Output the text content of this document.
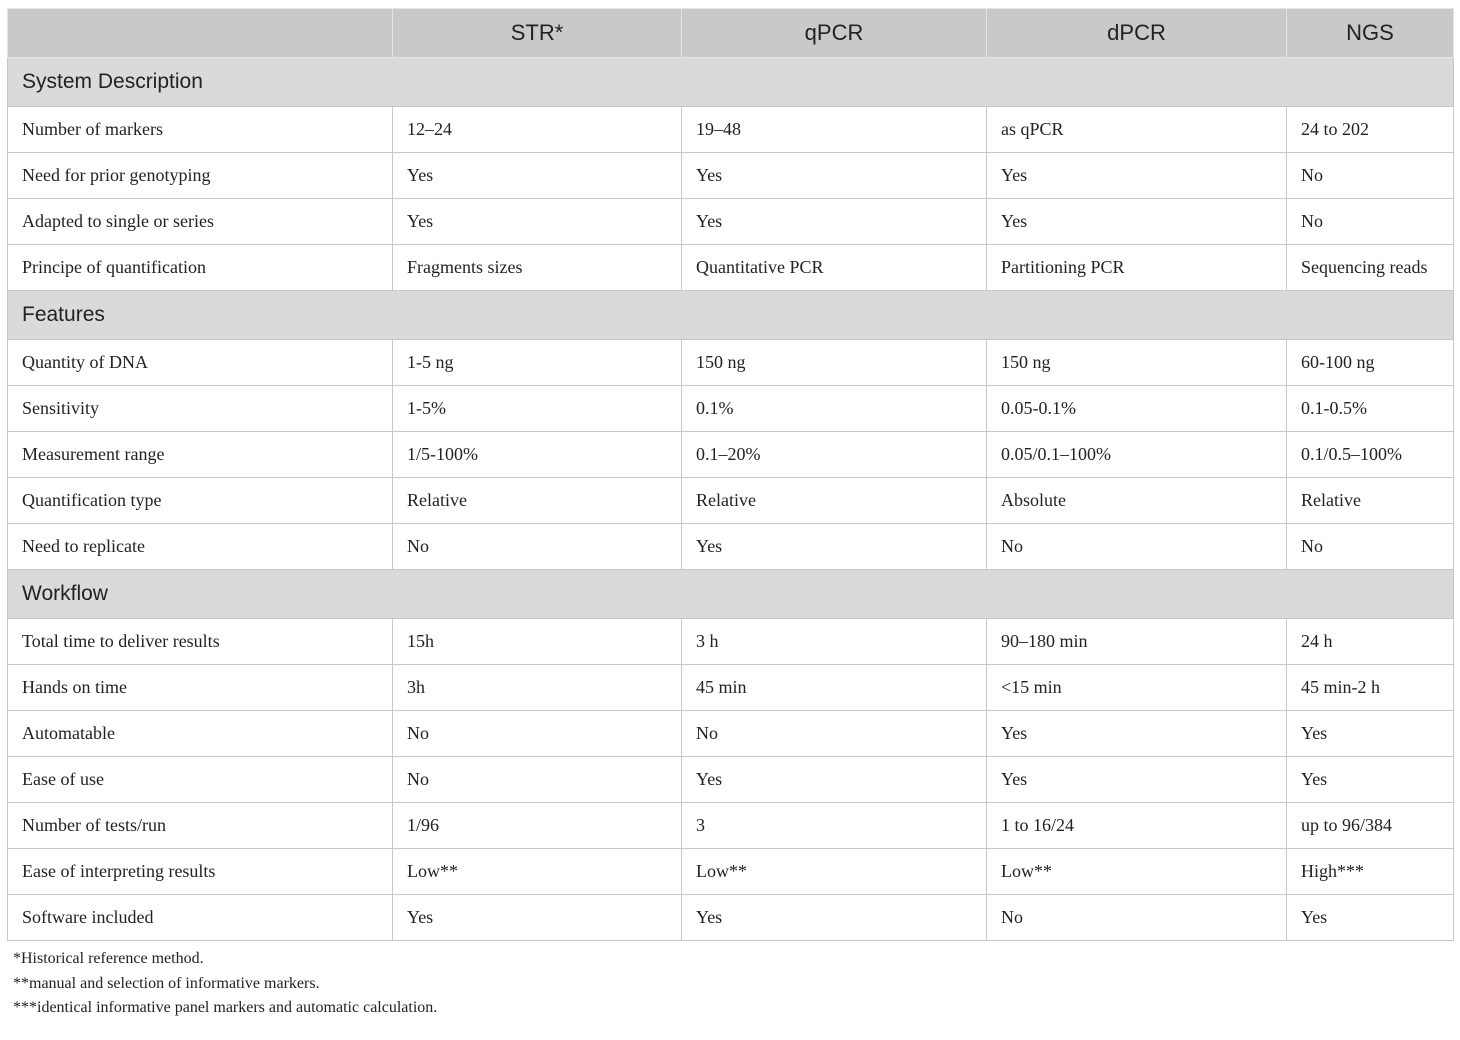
	STR*	qPCR	dPCR	NGS
System Description				
Number of markers	12–24	19–48	as qPCR	24 to 202
Need for prior genotyping	Yes	Yes	Yes	No
Adapted to single or series	Yes	Yes	Yes	No
Principe of quantification	Fragments sizes	Quantitative PCR	Partitioning PCR	Sequencing reads
Features				
Quantity of DNA	1-5 ng	150 ng	150 ng	60-100 ng
Sensitivity	1-5%	0.1%	0.05-0.1%	0.1-0.5%
Measurement range	1/5-100%	0.1–20%	0.05/0.1–100%	0.1/0.5–100%
Quantification type	Relative	Relative	Absolute	Relative
Need to replicate	No	Yes	No	No
Workflow				
Total time to deliver results	15h	3 h	90–180 min	24 h
Hands on time	3h	45 min	<15 min	45 min-2 h
Automatable	No	No	Yes	Yes
Ease of use	No	Yes	Yes	Yes
Number of tests/run	1/96	3	1 to 16/24	up to 96/384
Ease of interpreting results	Low**	Low**	Low**	High***
Software included	Yes	Yes	No	Yes
*Historical reference method.
**manual and selection of informative markers.
***identical informative panel markers and automatic calculation.
